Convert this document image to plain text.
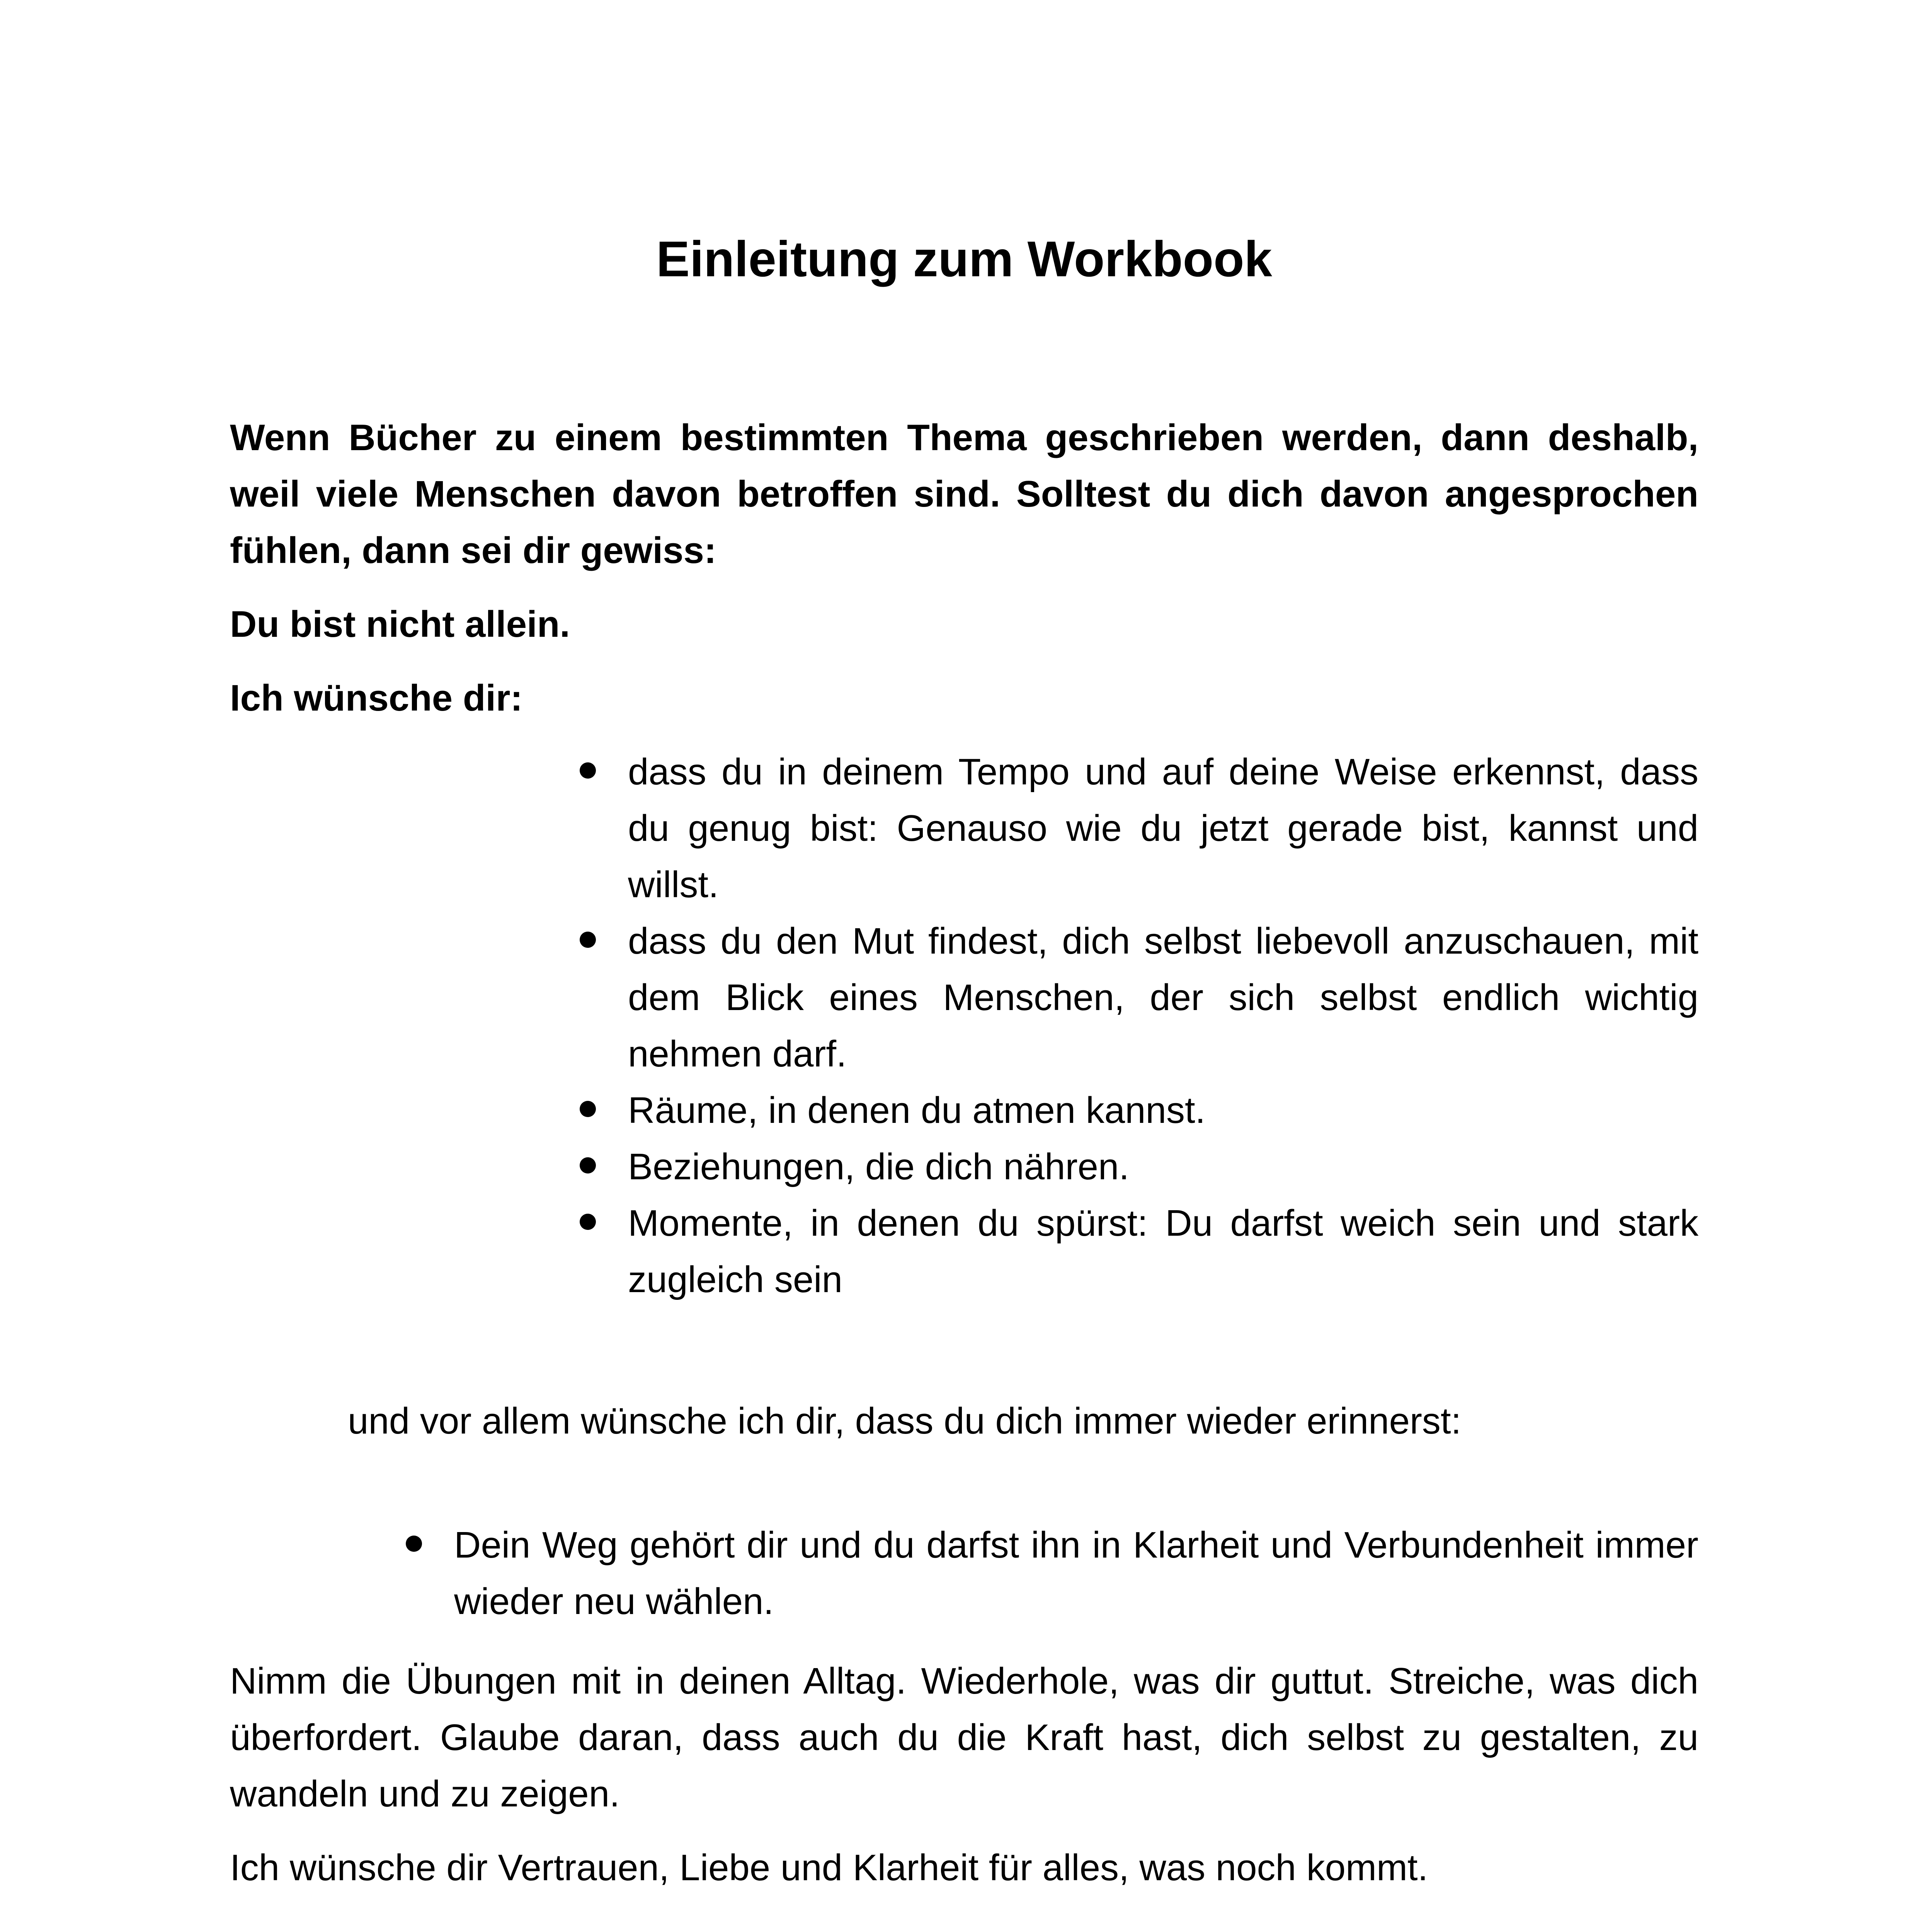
Einleitung zum Workbook

Wenn Bücher zu einem bestimmten Thema geschrieben werden, dann deshalb, weil viele Menschen davon betroffen sind. Solltest du dich davon angesprochen fühlen, dann sei dir gewiss:

Du bist nicht allein.

Ich wünsche dir:

dass du in deinem Tempo und auf deine Weise erkennst, dass du genug bist: Genauso wie du jetzt gerade bist, kannst und willst.
dass du den Mut findest, dich selbst liebevoll anzuschauen, mit dem Blick eines Menschen, der sich selbst endlich wichtig nehmen darf.
Räume, in denen du atmen kannst.
Beziehungen, die dich nähren.
Momente, in denen du spürst: Du darfst weich sein und stark zugleich sein

und vor allem wünsche ich dir, dass du dich immer wieder erinnerst:

Dein Weg gehört dir und du darfst ihn in Klarheit und Verbundenheit immer wieder neu wählen.

Nimm die Übungen mit in deinen Alltag. Wiederhole, was dir guttut. Streiche, was dich überfordert. Glaube daran, dass auch du die Kraft hast, dich selbst zu gestalten, zu wandeln und zu zeigen.

Ich wünsche dir Vertrauen, Liebe und Klarheit für alles, was noch kommt.
